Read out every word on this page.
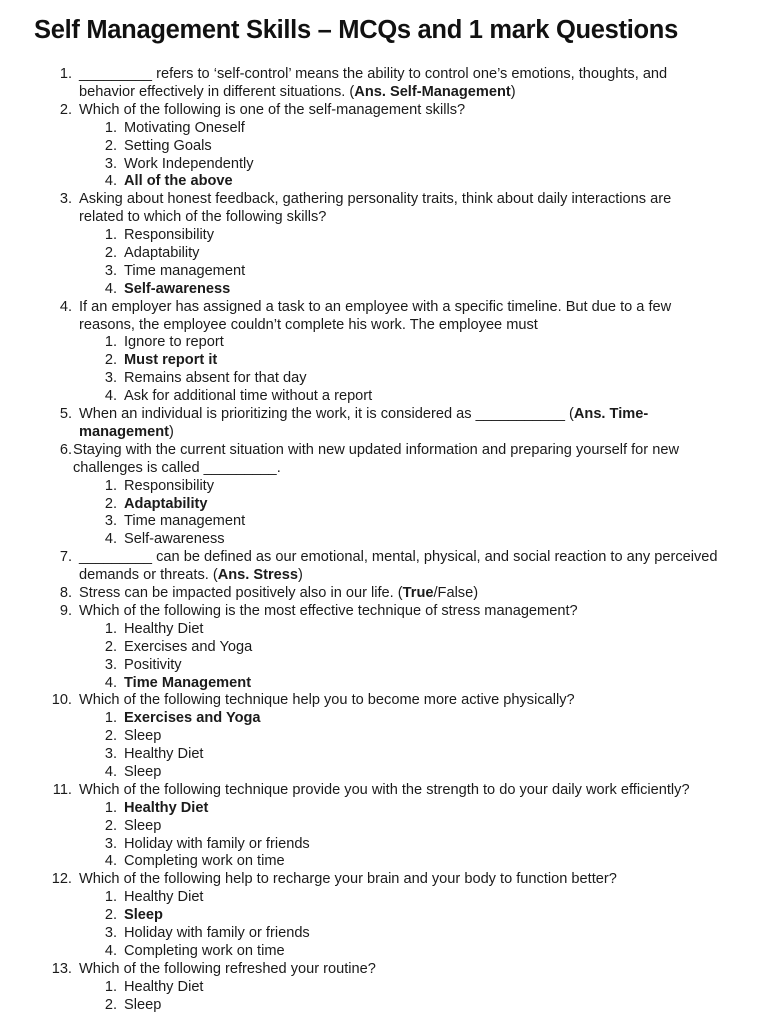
Self Management Skills – MCQs and 1 mark Questions
1. _________ refers to ‘self-control’ means the ability to control one’s emotions, thoughts, and behavior effectively in different situations. (Ans. Self-Management)
2. Which of the following is one of the self-management skills?
1. Motivating Oneself
2. Setting Goals
3. Work Independently
4. All of the above
3. Asking about honest feedback, gathering personality traits, think about daily interactions are related to which of the following skills?
1. Responsibility
2. Adaptability
3. Time management
4. Self-awareness
4. If an employer has assigned a task to an employee with a specific timeline. But due to a few reasons, the employee couldn’t complete his work. The employee must
1. Ignore to report
2. Must report it
3. Remains absent for that day
4. Ask for additional time without a report
5. When an individual is prioritizing the work, it is considered as ___________ (Ans. Time-management)
6. Staying with the current situation with new updated information and preparing yourself for new challenges is called _________.
1. Responsibility
2. Adaptability
3. Time management
4. Self-awareness
7. _________ can be defined as our emotional, mental, physical, and social reaction to any perceived demands or threats. (Ans. Stress)
8. Stress can be impacted positively also in our life. (True/False)
9. Which of the following is the most effective technique of stress management?
1. Healthy Diet
2. Exercises and Yoga
3. Positivity
4. Time Management
10. Which of the following technique help you to become more active physically?
1. Exercises and Yoga
2. Sleep
3. Healthy Diet
4. Sleep
11. Which of the following technique provide you with the strength to do your daily work efficiently?
1. Healthy Diet
2. Sleep
3. Holiday with family or friends
4. Completing work on time
12. Which of the following help to recharge your brain and your body to function better?
1. Healthy Diet
2. Sleep
3. Holiday with family or friends
4. Completing work on time
13. Which of the following refreshed your routine?
1. Healthy Diet
2. Sleep
